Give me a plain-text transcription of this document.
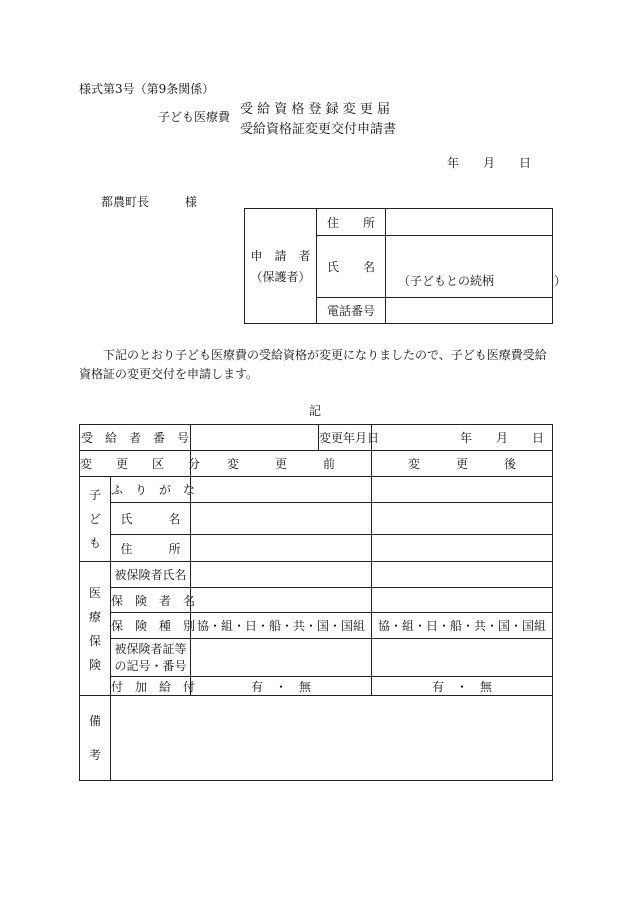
様式第3号（第9条関係）
子ども医療費 受 給 資 格 登 録 変 更 届
受給資格証変更交付申請書
年　　月　　日
都農町長　　　様
申　請　者
（保護者）	住　　所	
	氏　　名	（子どもとの続柄　　　　　）

	電話番号	
下記のとおり子ども医療費の受給資格が変更になりましたので、子ども医療費受給資格証の変更交付を申請します。
記
受　給　者　番　号			変更年月日	年　　月　　日
変　　更　　区　　分		変　　　更　　　前		変　　　更　　　後

子
ど
も	ふ　り　が　な			
	氏　　　名			
	住　　　所			

医
療
保
険	被保険者氏名			
	保　険　者　名			
	保　険　種　別	協・組・日・船・共・国・国組		協・組・日・船・共・国・国組

	被保険者証等
の記号・番号			

	付　加　給　付	有　・　無		有　・　無

備
考				
